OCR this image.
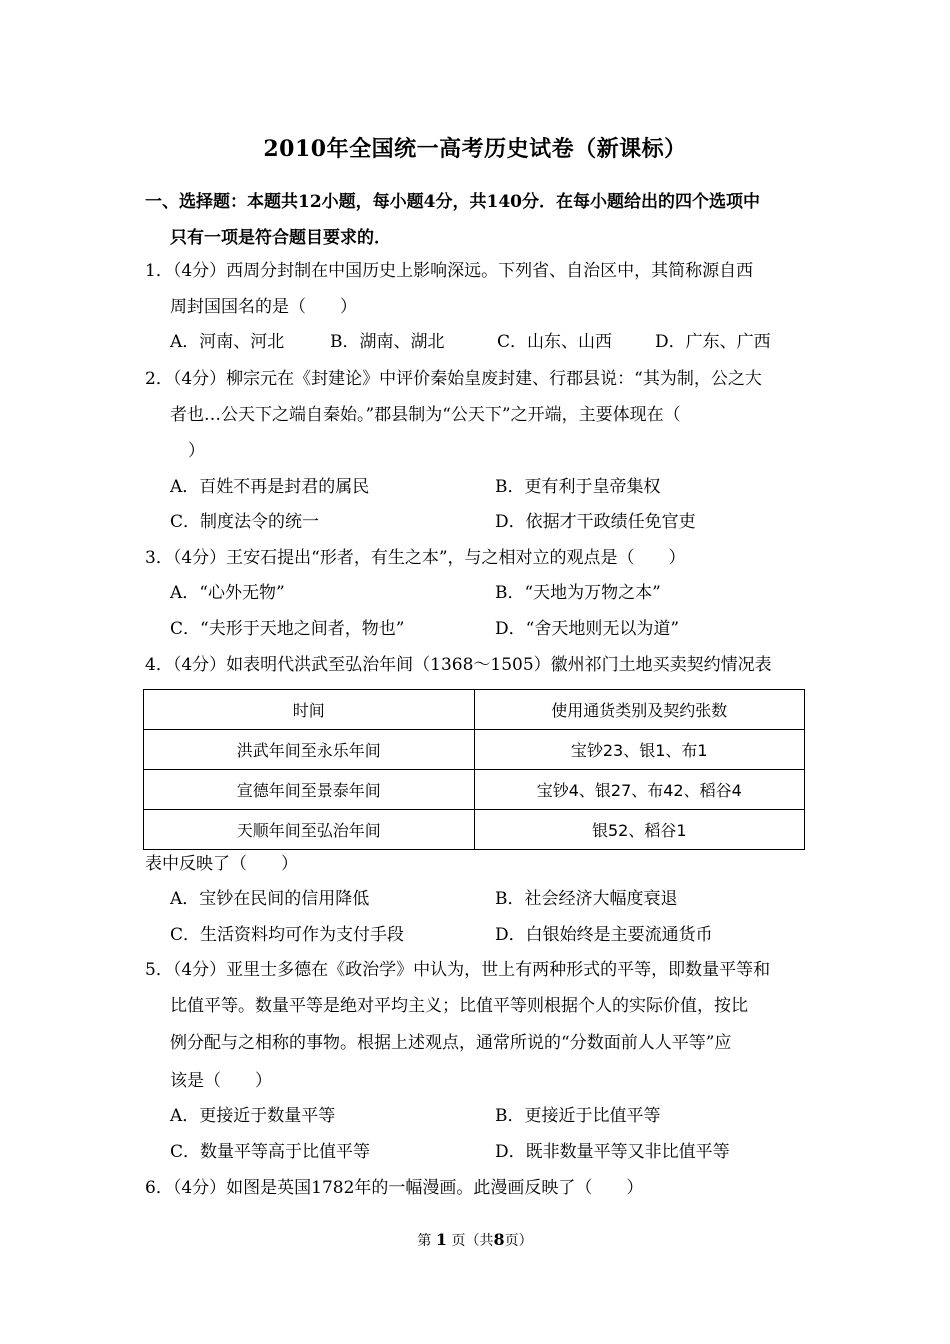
2010年全国统一高考历史试卷（新课标）
一、选择题：本题共12小题，每小题4分，共140分．在每小题给出的四个选项中
只有一项是符合题目要求的．
1．（4分）西周分封制在中国历史上影响深远。下列省、自治区中，其简称源自西
周封国国名的是（　　）
A．河南、河北	B．湖南、湖北	C．山东、山西	D．广东、广西
2．（4分）柳宗元在《封建论》中评价秦始皇废封建、行郡县说：“其为制，公之大
者也…公天下之端自秦始。”郡县制为“公天下”之开端，主要体现在（
）
A．百姓不再是封君的属民	B．更有利于皇帝集权
C．制度法令的统一	D．依据才干政绩任免官吏
3．（4分）王安石提出“形者，有生之本”，与之相对立的观点是（　　）
A．“心外无物”	B．“天地为万物之本”
C．“夫形于天地之间者，物也”	D．“舍天地则无以为道”
4．（4分）如表明代洪武至弘治年间（1368～1505）徽州祁门土地买卖契约情况表
时间	使用通货类别及契约张数
洪武年间至永乐年间	宝钞23、银1、布1
宣德年间至景泰年间	宝钞4、银27、布42、稻谷4
天顺年间至弘治年间	银52、稻谷1
表中反映了（　　）
A．宝钞在民间的信用降低	B．社会经济大幅度衰退
C．生活资料均可作为支付手段	D．白银始终是主要流通货币
5．（4分）亚里士多德在《政治学》中认为，世上有两种形式的平等，即数量平等和
比值平等。数量平等是绝对平均主义；比值平等则根据个人的实际价值，按比
例分配与之相称的事物。根据上述观点，通常所说的“分数面前人人平等”应
该是（　　）
A．更接近于数量平等	B．更接近于比值平等
C．数量平等高于比值平等	D．既非数量平等又非比值平等
6．（4分）如图是英国1782年的一幅漫画。此漫画反映了（　　）
第 1 页（共8页）
